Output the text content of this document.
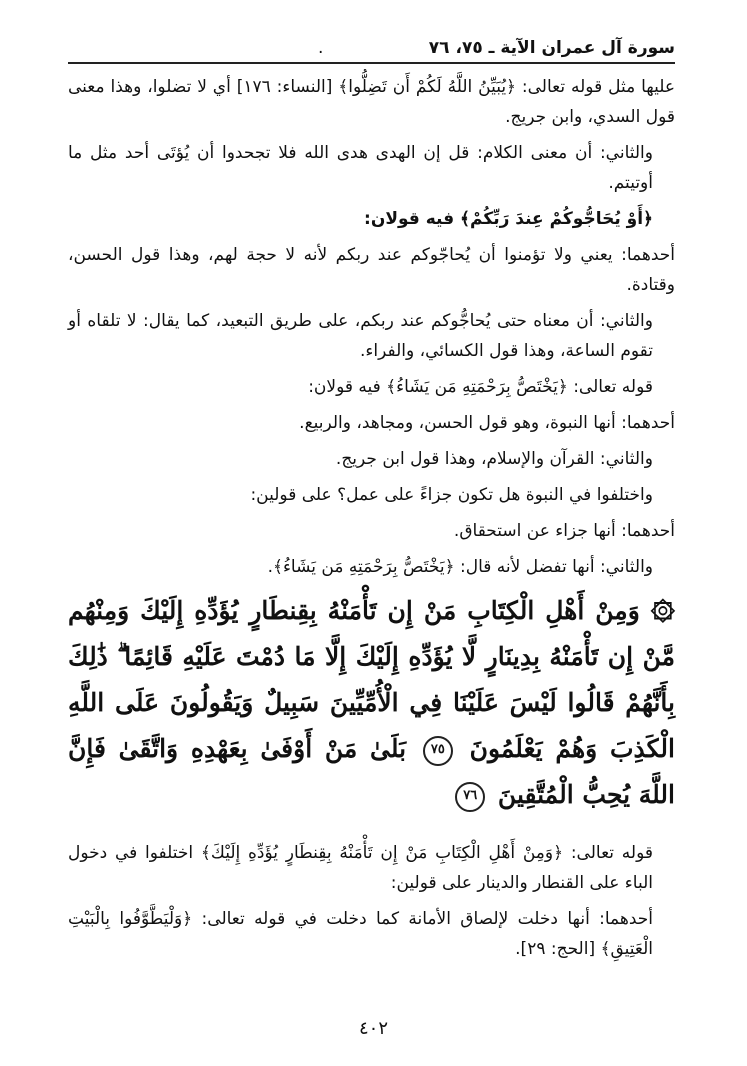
سورة آل عمران الآية ـ ٧٥، ٧٦
.

عليها مثل قوله تعالى: ﴿يُبَيِّنُ اللَّهُ لَكُمْ أَن تَضِلُّوا﴾ [النساء: ١٧٦] أي لا تضلوا، وهذا معنى قول السدي، وابن جريج.

والثاني: أن معنى الكلام: قل إن الهدى هدى الله فلا تجحدوا أن يُؤتَى أحد مثل ما أوتيتم.

﴿أَوْ يُحَاجُّوكُمْ عِندَ رَبِّكُمْ﴾ فيه قولان:

أحدهما: يعني ولا تؤمنوا أن يُحاجّوكم عند ربكم لأنه لا حجة لهم، وهذا قول الحسن، وقتادة.

والثاني: أن معناه حتى يُحاجُّوكم عند ربكم، على طريق التبعيد، كما يقال: لا تلقاه أو تقوم الساعة، وهذا قول الكسائي، والفراء.

قوله تعالى: ﴿يَخْتَصُّ بِرَحْمَتِهِ مَن يَشَاءُ﴾ فيه قولان:

أحدهما: أنها النبوة، وهو قول الحسن، ومجاهد، والربيع.

والثاني: القرآن والإسلام، وهذا قول ابن جريج.

واختلفوا في النبوة هل تكون جزاءً على عمل؟ على قولين:

أحدهما: أنها جزاء عن استحقاق.

والثاني: أنها تفضل لأنه قال: ﴿يَخْتَصُّ بِرَحْمَتِهِ مَن يَشَاءُ﴾.

۞ وَمِنْ أَهْلِ الْكِتَابِ مَنْ إِن تَأْمَنْهُ بِقِنطَارٍ يُؤَدِّهِ إِلَيْكَ وَمِنْهُم مَّنْ إِن تَأْمَنْهُ بِدِينَارٍ لَّا يُؤَدِّهِ إِلَيْكَ إِلَّا مَا دُمْتَ عَلَيْهِ قَائِمًا ۗ ذَٰلِكَ بِأَنَّهُمْ قَالُوا لَيْسَ عَلَيْنَا فِي الْأُمِّيِّينَ سَبِيلٌ وَيَقُولُونَ عَلَى اللَّهِ الْكَذِبَ وَهُمْ يَعْلَمُونَ ٧٥ بَلَىٰ مَنْ أَوْفَىٰ بِعَهْدِهِ وَاتَّقَىٰ فَإِنَّ اللَّهَ يُحِبُّ الْمُتَّقِينَ ٧٦

قوله تعالى: ﴿وَمِنْ أَهْلِ الْكِتَابِ مَنْ إِن تَأْمَنْهُ بِقِنطَارٍ يُؤَدِّهِ إِلَيْكَ﴾ اختلفوا في دخول الباء على القنطار والدينار على قولين:

أحدهما: أنها دخلت لإلصاق الأمانة كما دخلت في قوله تعالى: ﴿وَلْيَطَّوَّفُوا بِالْبَيْتِ الْعَتِيقِ﴾ [الحج: ٢٩].

٤٠٢
